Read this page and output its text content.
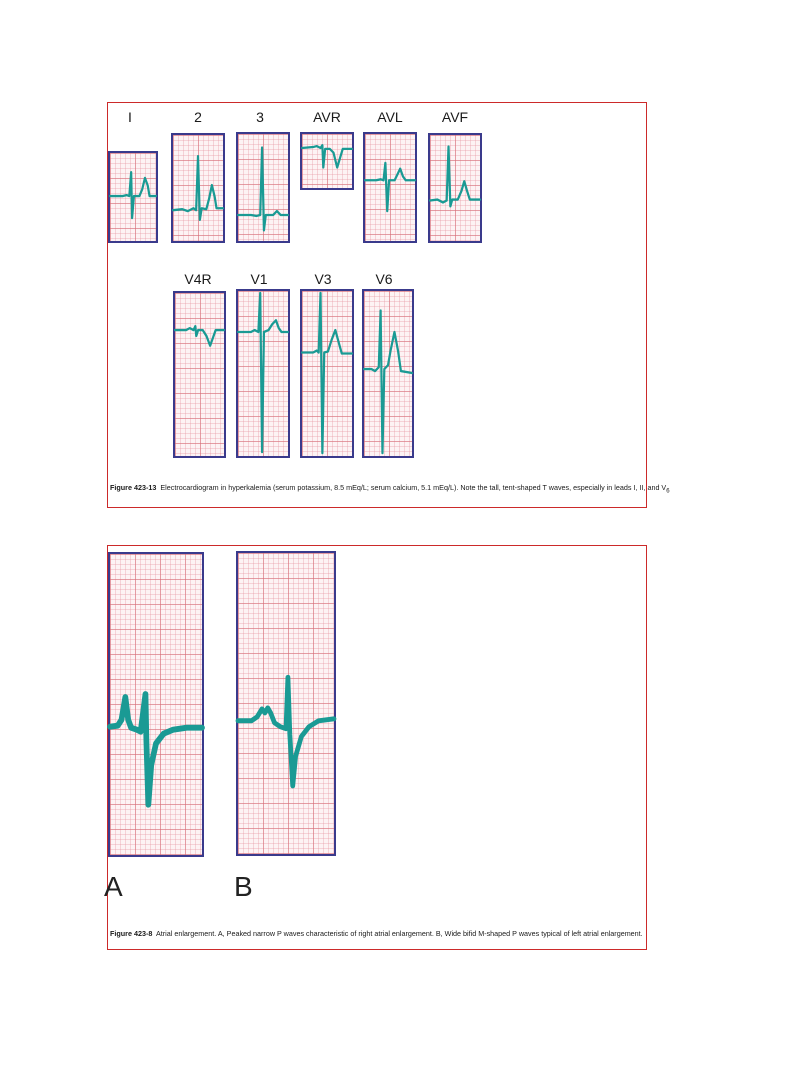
I	2	3	AVR	AVL	AVF
V4R	V1	V3	V6
Figure 423-13 Electrocardiogram in hyperkalemia (serum potassium, 8.5 mEq/L; serum calcium, 5.1 mEq/L). Note the tall, tent-shaped T waves, especially in leads I, II, and $V_6$
A	B
Figure 423-8 Atrial enlargement. A, Peaked narrow P waves characteristic of right atrial enlargement. B, Wide bifid M-shaped P waves typical of left atrial enlargement.
